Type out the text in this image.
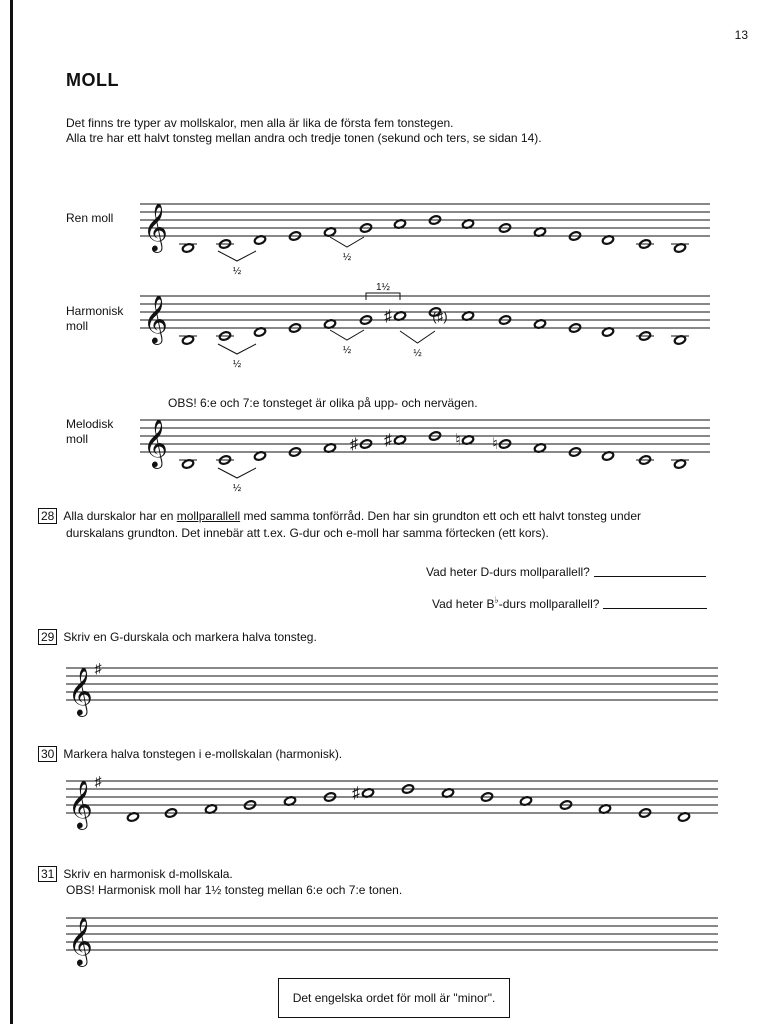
13
MOLL
Det finns tre typer av mollskalor, men alla är lika de första fem tonstegen.
Alla tre har ett halvt tonsteg mellan andra och tredje tonen (sekund och ters, se sidan 14).
Ren moll
Harmonisk
moll
OBS! 6:e och 7:e tonsteget är olika på upp- och nervägen.
Melodisk
moll
28 Alla durskalor har en mollparallell med samma tonförråd. Den har sin grundton ett och ett halvt tonsteg under
durskalans grundton. Det innebär att t.ex. G-dur och e-moll har samma förtecken (ett kors).
Vad heter D-durs mollparallell?
Vad heter B♭-durs mollparallell?
29 Skriv en G-durskala och markera halva tonsteg.
30 Markera halva tonstegen i e-mollskalan (harmonisk).
31 Skriv en harmonisk d-mollskala.
OBS! Harmonisk moll har 1½ tonsteg mellan 6:e och 7:e tonen.
Det engelska ordet för moll är "minor".
𝄞
½
½
𝄞	♯	(♯)
1½
½
½	½
𝄞	♯ ♯	♮ ♮
½
𝄞 ♯
𝄞 ♯
♯
𝄞
